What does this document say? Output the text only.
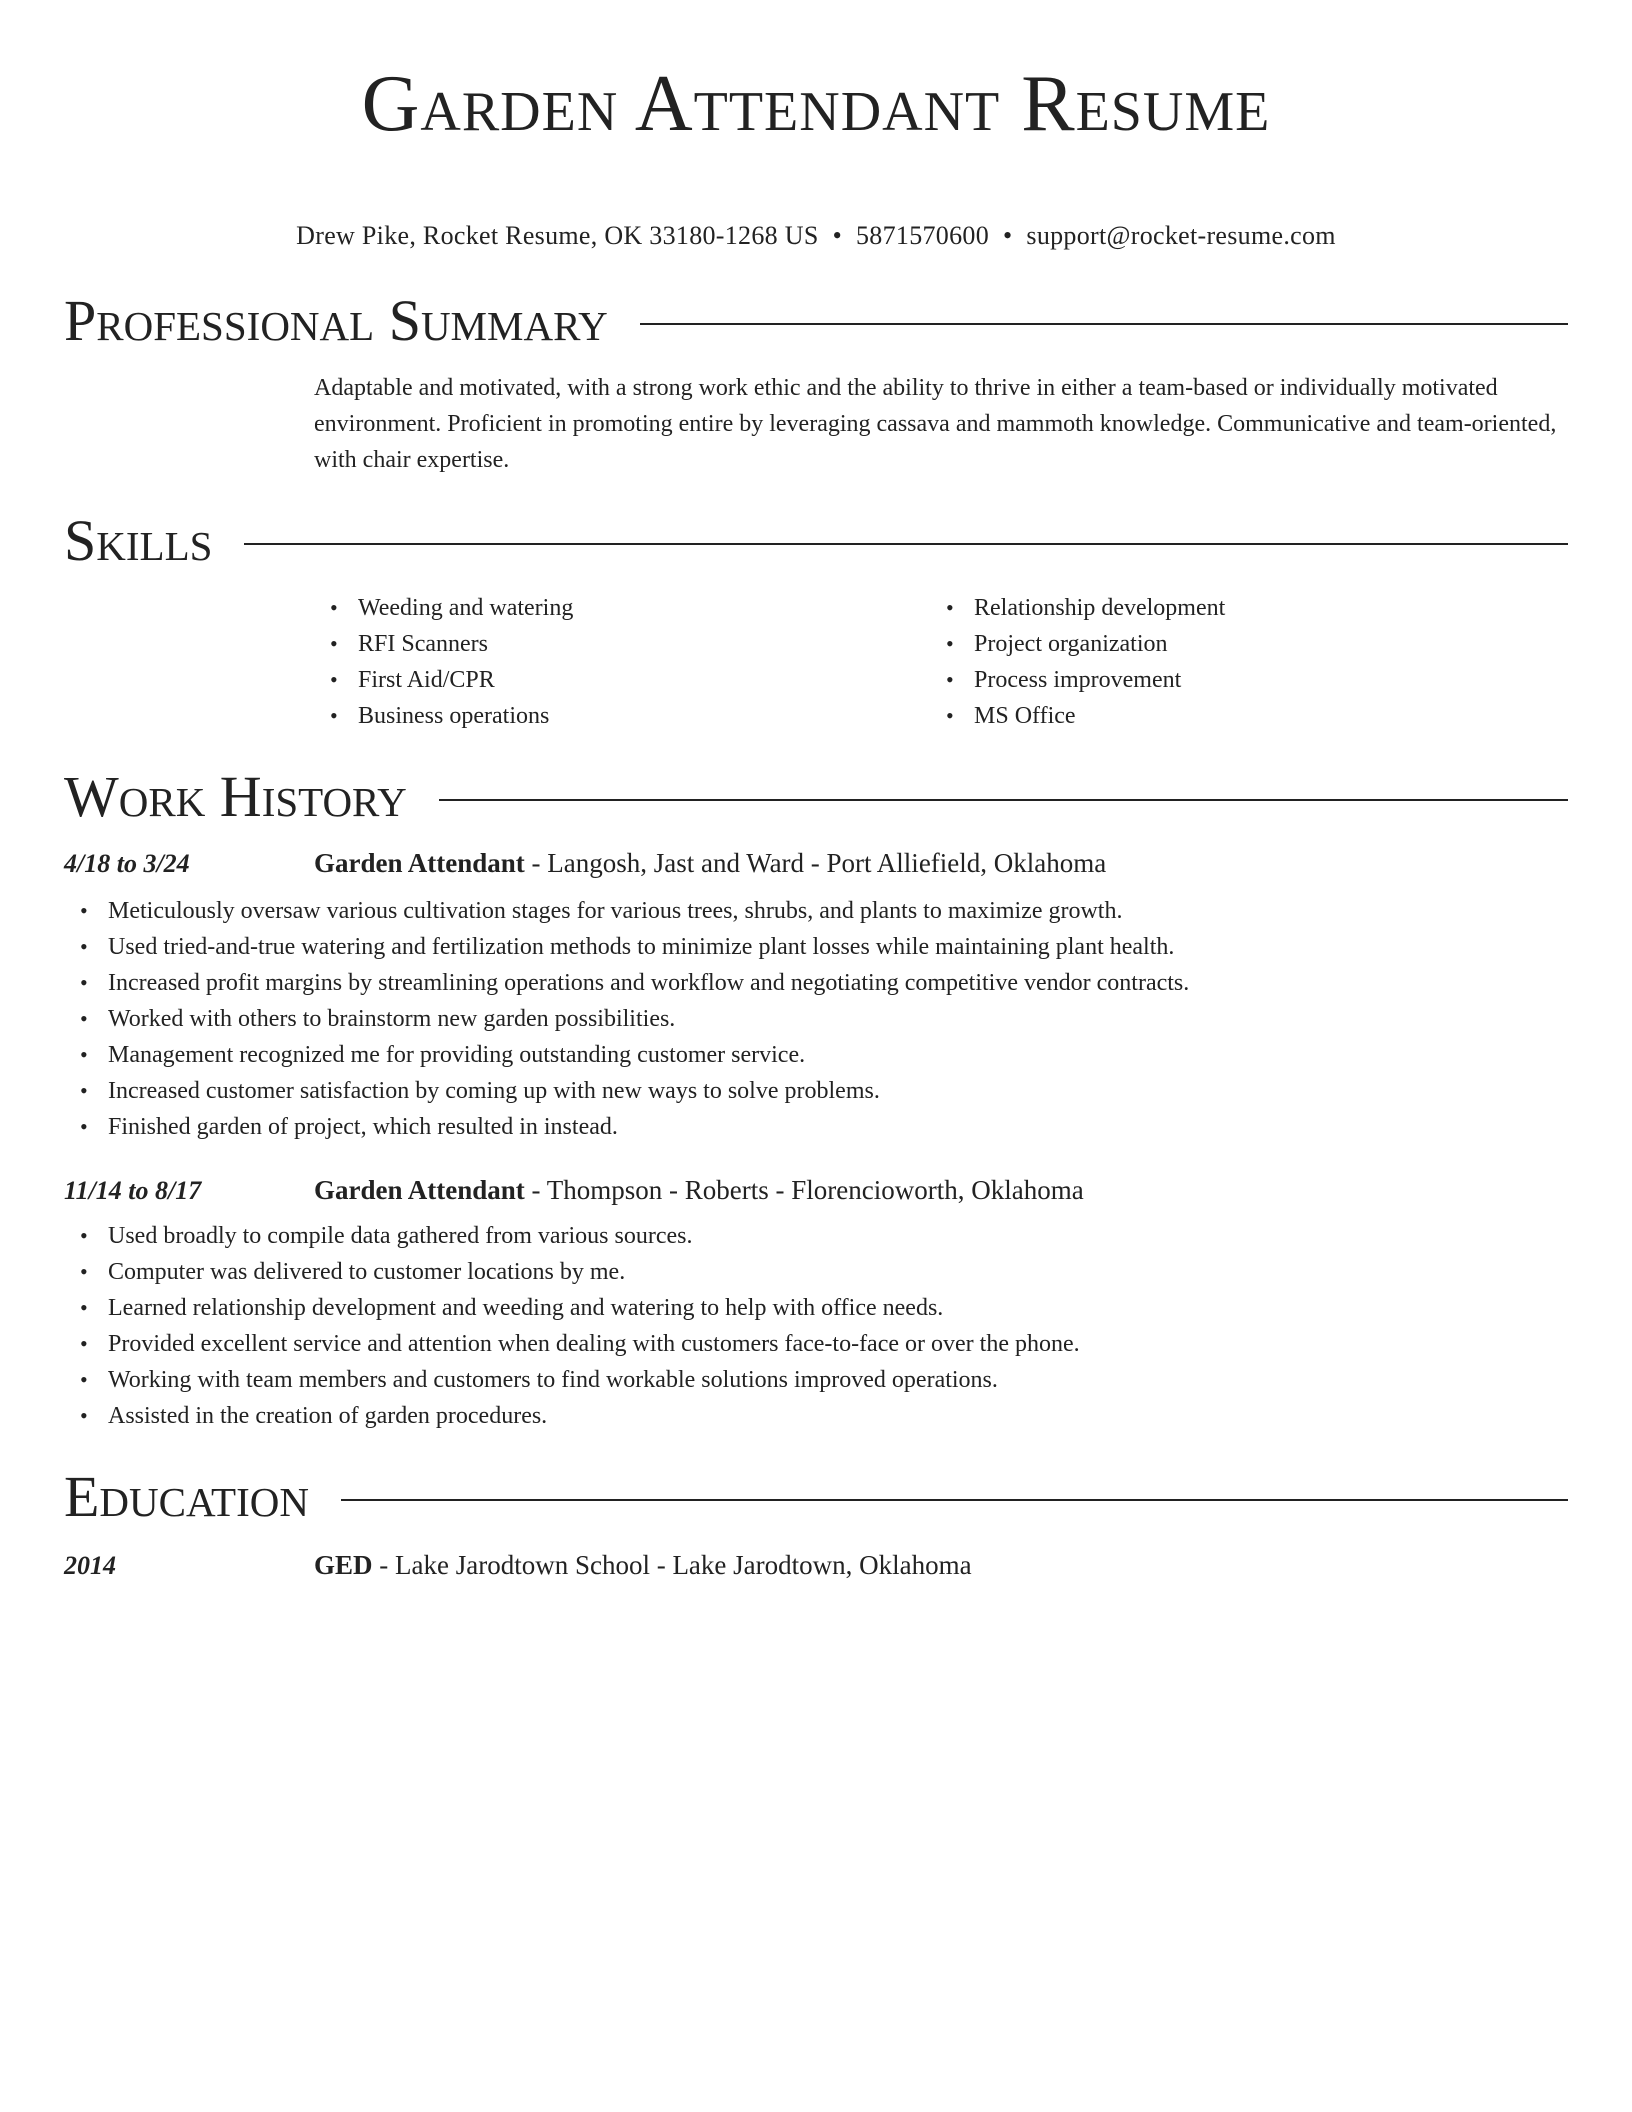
Garden Attendant Resume
Drew Pike, Rocket Resume, OK 33180-1268 US • 5871570600 • support@rocket-resume.com
Professional Summary
Adaptable and motivated, with a strong work ethic and the ability to thrive in either a team-based or individually motivated environment. Proficient in promoting entire by leveraging cassava and mammoth knowledge. Communicative and team-oriented, with chair expertise.
Skills
• Weeding and watering
• RFI Scanners
• First Aid/CPR
• Business operations
• Relationship development
• Project organization
• Process improvement
• MS Office
Work History
4/18 to 3/24	Garden Attendant - Langosh, Jast and Ward - Port Alliefield, Oklahoma
• Meticulously oversaw various cultivation stages for various trees, shrubs, and plants to maximize growth.
• Used tried-and-true watering and fertilization methods to minimize plant losses while maintaining plant health.
• Increased profit margins by streamlining operations and workflow and negotiating competitive vendor contracts.
• Worked with others to brainstorm new garden possibilities.
• Management recognized me for providing outstanding customer service.
• Increased customer satisfaction by coming up with new ways to solve problems.
• Finished garden of project, which resulted in instead.
11/14 to 8/17	Garden Attendant - Thompson - Roberts - Florencioworth, Oklahoma
• Used broadly to compile data gathered from various sources.
• Computer was delivered to customer locations by me.
• Learned relationship development and weeding and watering to help with office needs.
• Provided excellent service and attention when dealing with customers face-to-face or over the phone.
• Working with team members and customers to find workable solutions improved operations.
• Assisted in the creation of garden procedures.
Education
2014	GED - Lake Jarodtown School - Lake Jarodtown, Oklahoma
